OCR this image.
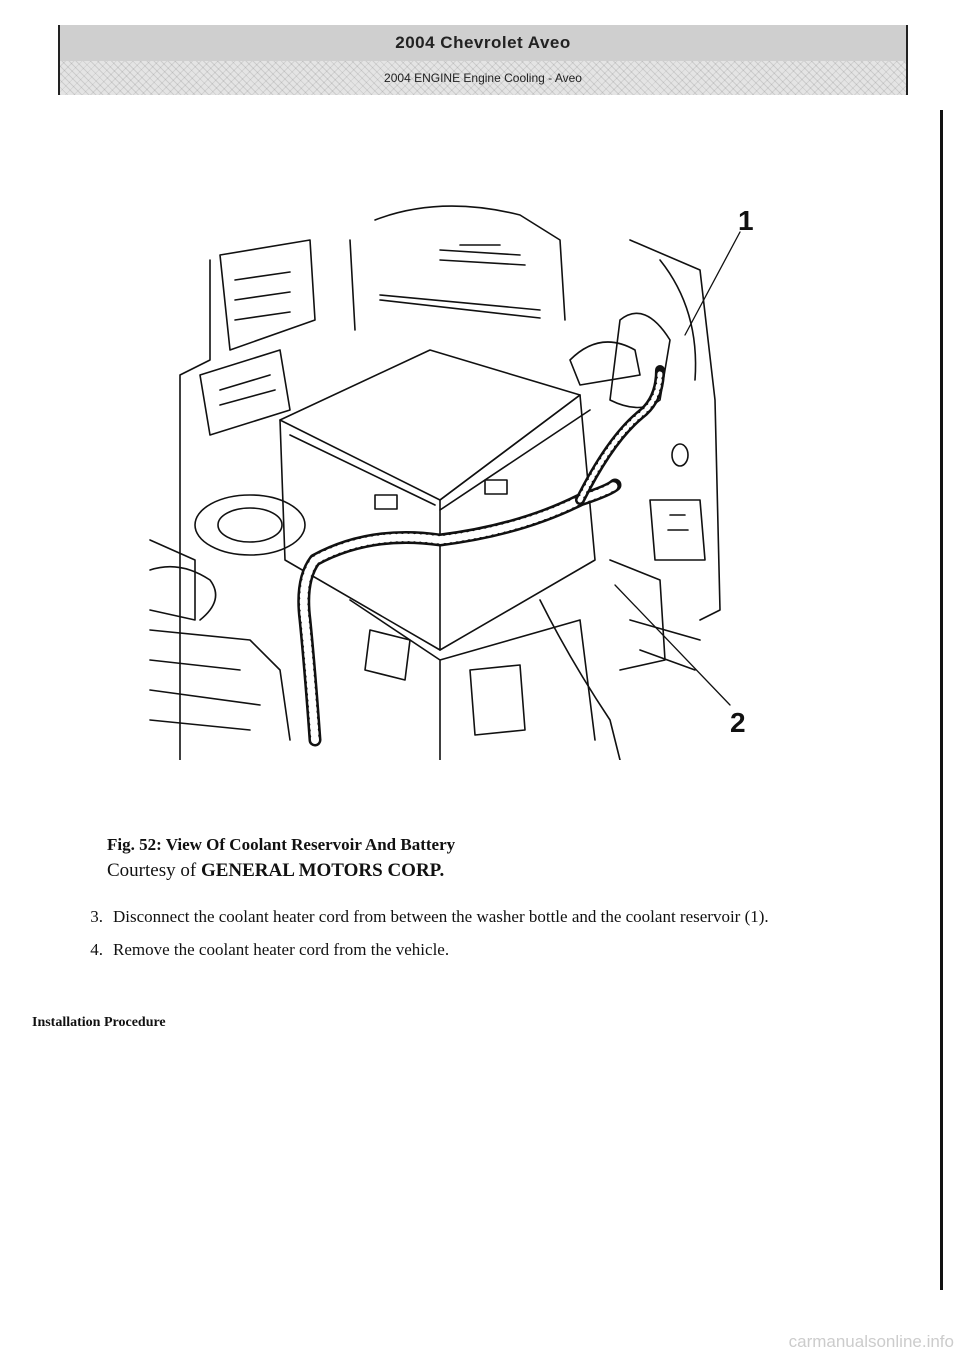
2004 Chevrolet Aveo
2004 ENGINE Engine Cooling - Aveo
1
2
Fig. 52: View Of Coolant Reservoir And Battery
Courtesy of GENERAL MOTORS CORP.
3. Disconnect the coolant heater cord from between the washer bottle and the coolant reservoir (1).
4. Remove the coolant heater cord from the vehicle.
Installation Procedure
carmanualsonline.info
